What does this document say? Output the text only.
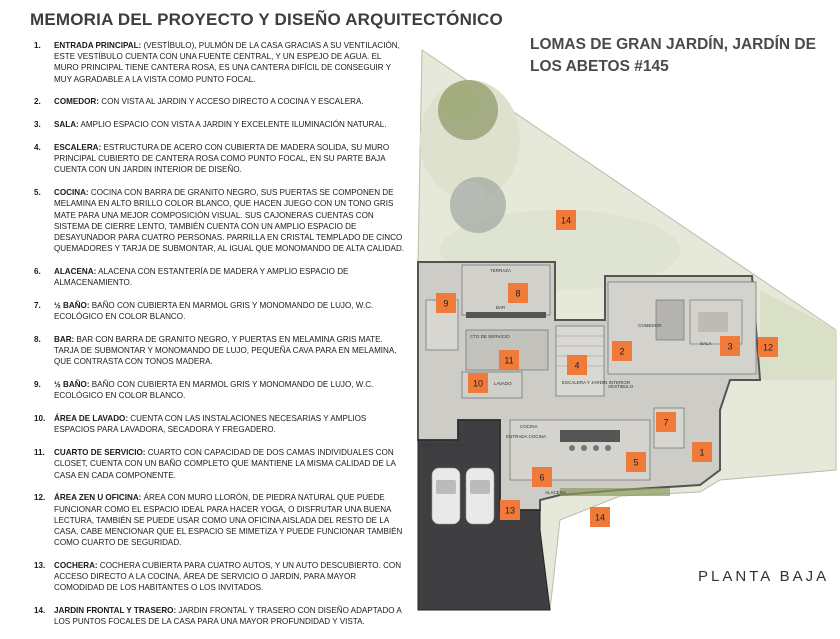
MEMORIA DEL PROYECTO Y DISEÑO ARQUITECTÓNICO
1.	ENTRADA PRINCIPAL: (VESTÍBULO), PULMÓN DE LA CASA GRACIAS A SU VENTILACIÓN, ESTE VESTÍBULO CUENTA CON UNA FUENTE CENTRAL, Y UN ESPEJO DE AGUA. EL MURO PRINCIPAL TIENE CANTERA ROSA, ES UNA CANTERA DIFÍCIL DE CONSEGUIR Y MUY AGRADABLE A LA VISTA COMO PUNTO FOCAL.
2.	COMEDOR: CON VISTA AL JARDIN Y ACCESO DIRECTO A COCINA Y ESCALERA.
3.	SALA: AMPLIO ESPACIO CON VISTA A JARDIN Y EXCELENTE ILUMINACIÓN NATURAL.
4.	ESCALERA: ESTRUCTURA DE ACERO CON CUBIERTA DE MADERA SOLIDA, SU MURO PRINCIPAL CUBIERTO DE CANTERA ROSA COMO PUNTO FOCAL, EN SU PARTE BAJA CUENTA CON UN JARDIN INTERIOR DE DISEÑO.
5.	COCINA: COCINA CON BARRA DE GRANITO NEGRO, SUS PUERTAS SE COMPONEN DE MELAMINA EN ALTO BRILLO COLOR BLANCO, QUE HACEN JUEGO CON UN TONO GRIS MATE PARA UNA MEJOR COMPOSICIÓN VISUAL. SUS CAJONERAS CUENTAS CON SISTEMA DE CIERRE LENTO, TAMBIÉN CUENTA CON UN AMPLIO ESPACIO DE DESAYUNADOR PARA CUATRO PERSONAS. PARRILLA EN CRISTAL TEMPLADO DE CINCO QUEMADORES Y TARJA DE SUBMONTAR, AL IGUAL QUE MONOMANDO DE ALTA CALIDAD.
6.	ALACENA: ALACENA CON ESTANTERÍA DE MADERA Y AMPLIO ESPACIO DE ALMACENAMIENTO.
7.	½ BAÑO: BAÑO CON CUBIERTA EN MARMOL GRIS Y MONOMANDO DE LUJO, W.C. ECOLÓGICO EN COLOR BLANCO.
8.	BAR: BAR CON BARRA DE GRANITO NEGRO, Y PUERTAS EN MELAMINA GRIS MATE. TARJA DE SUBMONTAR Y MONOMANDO DE LUJO, PEQUEÑA CAVA PARA EN MELAMINA, QUE CONTRASTA CON TONOS MADERA.
9.	½ BAÑO: BAÑO CON CUBIERTA EN MARMOL GRIS Y MONOMANDO DE LUJO, W.C. ECOLÓGICO EN COLOR BLANCO.
10.	ÁREA DE LAVADO: CUENTA CON LAS INSTALACIONES NECESARIAS Y AMPLIOS ESPACIOS PARA LAVADORA, SECADORA Y FREGADERO.
11.	CUARTO DE SERVICIO: CUARTO CON CAPACIDAD DE DOS CAMAS INDIVIDUALES CON CLOSET, CUENTA CON UN BAÑO COMPLETO QUE MANTIENE LA MISMA CALIDAD DE LA CASA EN CADA COMPONENTE.
12.	ÁREA ZEN U OFICINA: ÁREA CON MURO LLORÓN, DE PIEDRA NATURAL QUE PUEDE FUNCIONAR COMO EL ESPACIO IDEAL PARA HACER YOGA, O DISFRUTAR UNA BUENA LECTURA, TAMBIÉN SE PUEDE USAR COMO UNA OFICINA AISLADA DEL RESTO DE LA CASA, CABE MENCIONAR QUE EL ESPACIO SE MIMETIZA Y PUEDE FUNCIONAR TAMBIÉN COMO CUARTO DE SEGURIDAD.
13.	COCHERA: COCHERA CUBIERTA PARA CUATRO AUTOS, Y UN AUTO DESCUBIERTO. CON ACCESO DIRECTO A LA COCINA, ÁREA DE SERVICIO O JARDIN, PARA MAYOR COMODIDAD DE LOS HABITANTES O LOS INVITADOS.
14.	JARDIN FRONTAL Y TRASERO: JARDIN FRONTAL Y TRASERO CON DISEÑO ADAPTADO A LOS PUNTOS FOCALES DE LA CASA PARA UNA MAYOR PROFUNDIDAD Y VISTA.
TERRAZA
BAR
CTO DE SERVICIO
LAVADO
COMEDOR
SALA
ESCALERA Y JARDIN INTERIOR
VESTIBULO
COCINA
ENTRADA COCINA
ENTRADA SERVICIO
ALACENA
1
2	3
4
5
6
7
8
9
10
11
12
13
14
14
LOMAS DE GRAN JARDÍN, JARDÍN DE LOS ABETOS #145
PLANTA BAJA
